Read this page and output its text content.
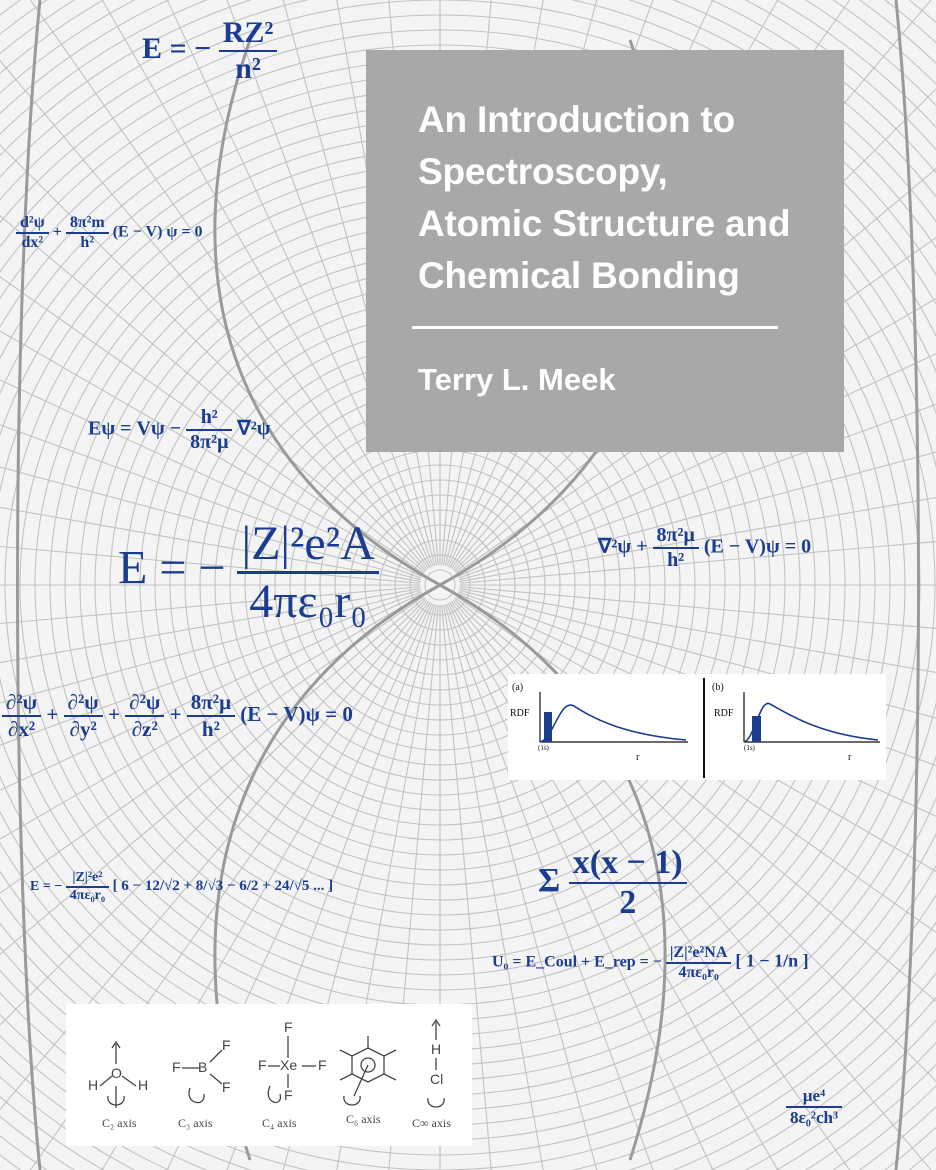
An Introduction to
Spectroscopy,
Atomic Structure and
Chemical Bonding
Terry L. Meek
E = − $\frac{\text{RZ²}}{\text{n²}}$
$\frac{\text{d²ψ}}{\text{dx²}} + \frac{\text{8π²m}}{\text{h²}} (E - V) \psi = 0$
$E\psi = V\psi - \frac{\text{h²}}{\text{8π²μ}} \nabla^2\psi$
E = − $\frac{\text{|Z|²e²A}}{\text{4πε₀r₀}}$	$\nabla^2\psi + \frac{\text{8π²μ}}{\text{h²}} (E - V)\psi = 0$
$\frac{\text{∂²ψ}}{\text{∂x²}} + \frac{\text{∂²ψ}}{\text{∂y²}} + \frac{\text{∂²ψ}}{\text{∂z²}} + \frac{\text{8π²μ}}{\text{h²}} (E - V)\psi = 0$
(a)
RDF
(1s)
r
(b)
RDF
(1s)
r
E = − $\frac{\text{|Z|²e²}}{\text{4πε₀r₀}}$ [ 6 − 12/√2 + 8/√3 − 6/2 + 24/√5 ... ]	Σ $\frac{x(x - 1)}{2}$
U₀ = E_Coul + E_rep = − $\frac{\text{|Z|²e²NA}}{\text{4πε₀r₀}}$ [ 1 − 1/n ]
O
H	H
F B
F
F
F
F Xe F
F
H
Cl
C₂ axis	C₃ axis	C₄ axis	C₆ axis	C∞ axis	$\frac{\text{μe⁴}}{\text{8ε₀²ch³}}$
